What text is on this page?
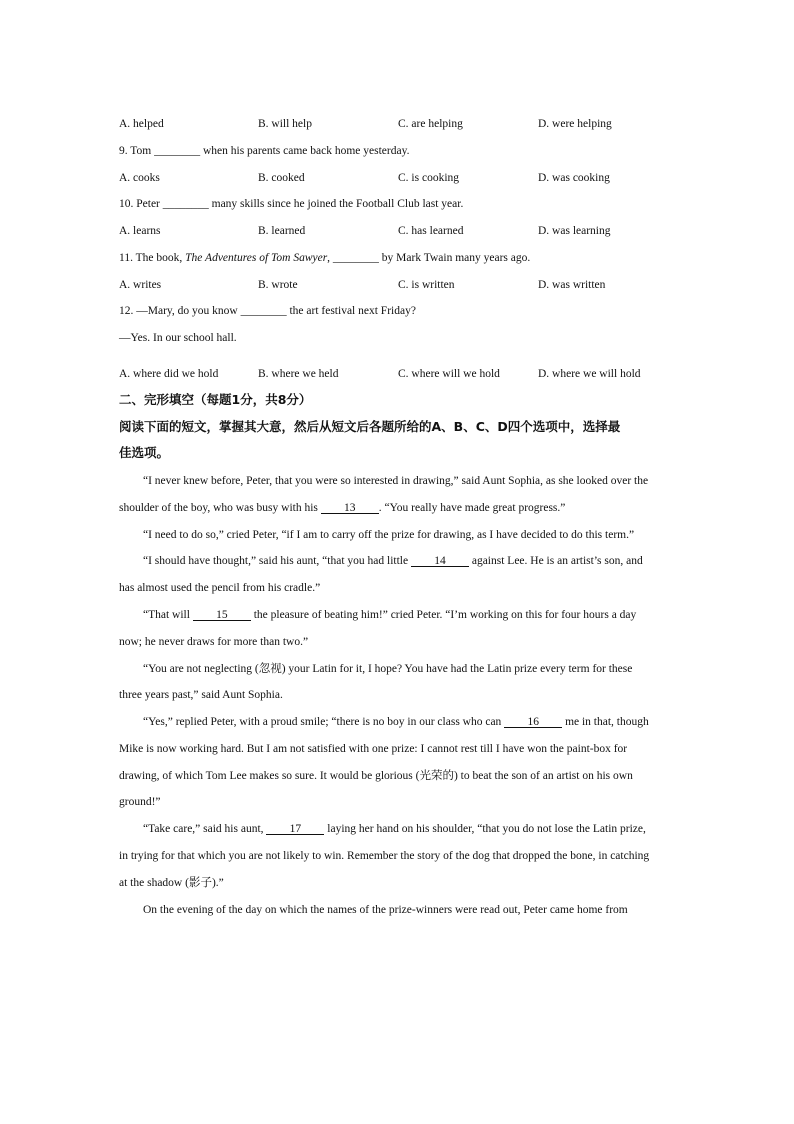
A. helped	B. will help	C. are helping	D. were helping
9. Tom ________ when his parents came back home yesterday.
A. cooks	B. cooked	C. is cooking	D. was cooking
10. Peter ________ many skills since he joined the Football Club last year.
A. learns	B. learned	C. has learned	D. was learning
11. The book, The Adventures of Tom Sawyer, ________ by Mark Twain many years ago.
A. writes	B. wrote	C. is written	D. was written
12. —Mary, do you know ________ the art festival next Friday?
—Yes. In our school hall.
A. where did we hold	B. where we held	C. where will we hold	D. where we will hold
二、完形填空（每题1分，共8分）
阅读下面的短文，掌握其大意，然后从短文后各题所给的A、B、C、D四个选项中，选择最
佳选项。
“I never knew before, Peter, that you were so interested in drawing,” said Aunt Sophia, as she looked over the
shoulder of the boy, who was busy with his 13 . “You really have made great progress.”
“I need to do so,” cried Peter, “if I am to carry off the prize for drawing, as I have decided to do this term.”
“I should have thought,” said his aunt, “that you had little 14 against Lee. He is an artist’s son, and
has almost used the pencil from his cradle.”
“That will 15 the pleasure of beating him!” cried Peter. “I’m working on this for four hours a day
now; he never draws for more than two.”
“You are not neglecting (忽视) your Latin for it, I hope? You have had the Latin prize every term for these
three years past,” said Aunt Sophia.
“Yes,” replied Peter, with a proud smile; “there is no boy in our class who can 16 me in that, though
Mike is now working hard. But I am not satisfied with one prize: I cannot rest till I have won the paint-box for
drawing, of which Tom Lee makes so sure. It would be glorious (光荣的) to beat the son of an artist on his own
ground!”
“Take care,” said his aunt, 17 laying her hand on his shoulder, “that you do not lose the Latin prize,
in trying for that which you are not likely to win. Remember the story of the dog that dropped the bone, in catching
at the shadow (影子).”
On the evening of the day on which the names of the prize-winners were read out, Peter came home from
